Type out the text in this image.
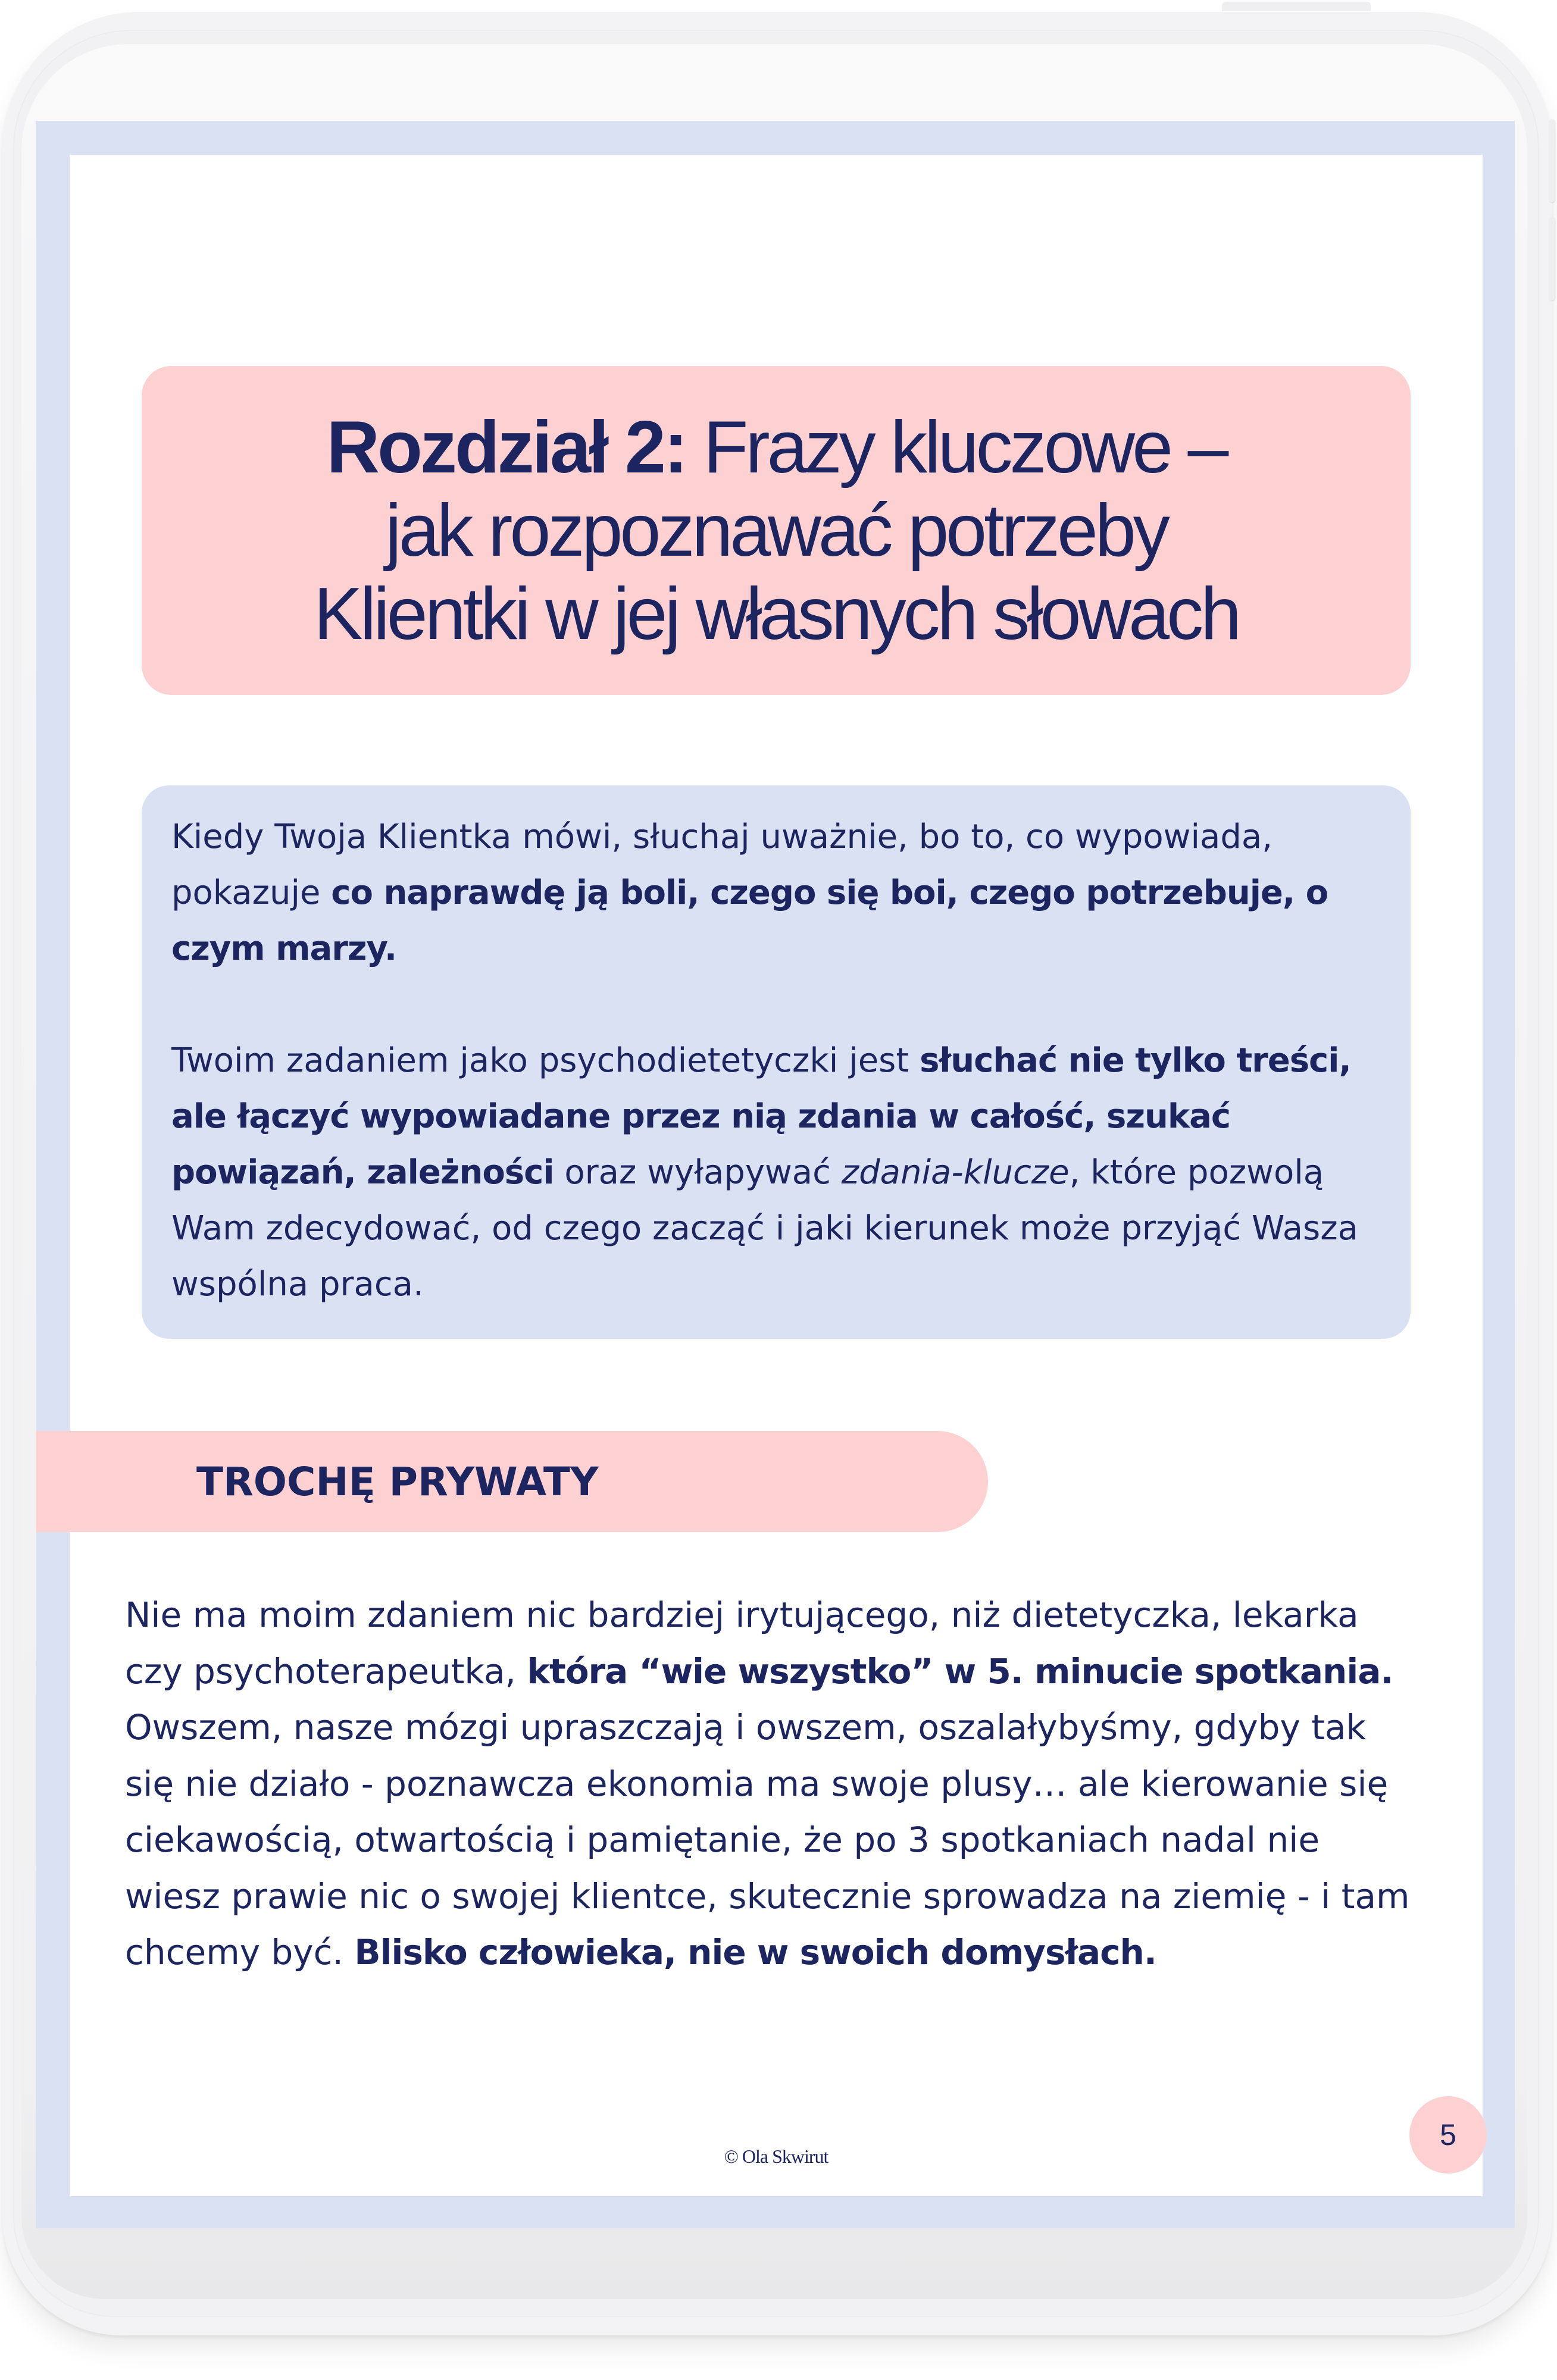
Rozdział 2: Frazy kluczowe –
jak rozpoznawać potrzeby
Klientki w jej własnych słowach

Kiedy Twoja Klientka mówi, słuchaj uważnie, bo to, co wypowiada, pokazuje co naprawdę ją boli, czego się boi, czego potrzebuje, o czym marzy.

Twoim zadaniem jako psychodietetyczki jest słuchać nie tylko treści, ale łączyć wypowiadane przez nią zdania w całość, szukać powiązań, zależności oraz wyłapywać zdania-klucze, które pozwolą Wam zdecydować, od czego zacząć i jaki kierunek może przyjąć Wasza wspólna praca.

TROCHĘ PRYWATY

Nie ma moim zdaniem nic bardziej irytującego, niż dietetyczka, lekarka czy psychoterapeutka, która “wie wszystko” w 5. minucie spotkania. Owszem, nasze mózgi upraszczają i owszem, oszalałybyśmy, gdyby tak się nie działo - poznawcza ekonomia ma swoje plusy… ale kierowanie się ciekawością, otwartością i pamiętanie, że po 3 spotkaniach nadal nie wiesz prawie nic o swojej klientce, skutecznie sprowadza na ziemię - i tam chcemy być. Blisko człowieka, nie w swoich domysłach.

5
© Ola Skwirut
